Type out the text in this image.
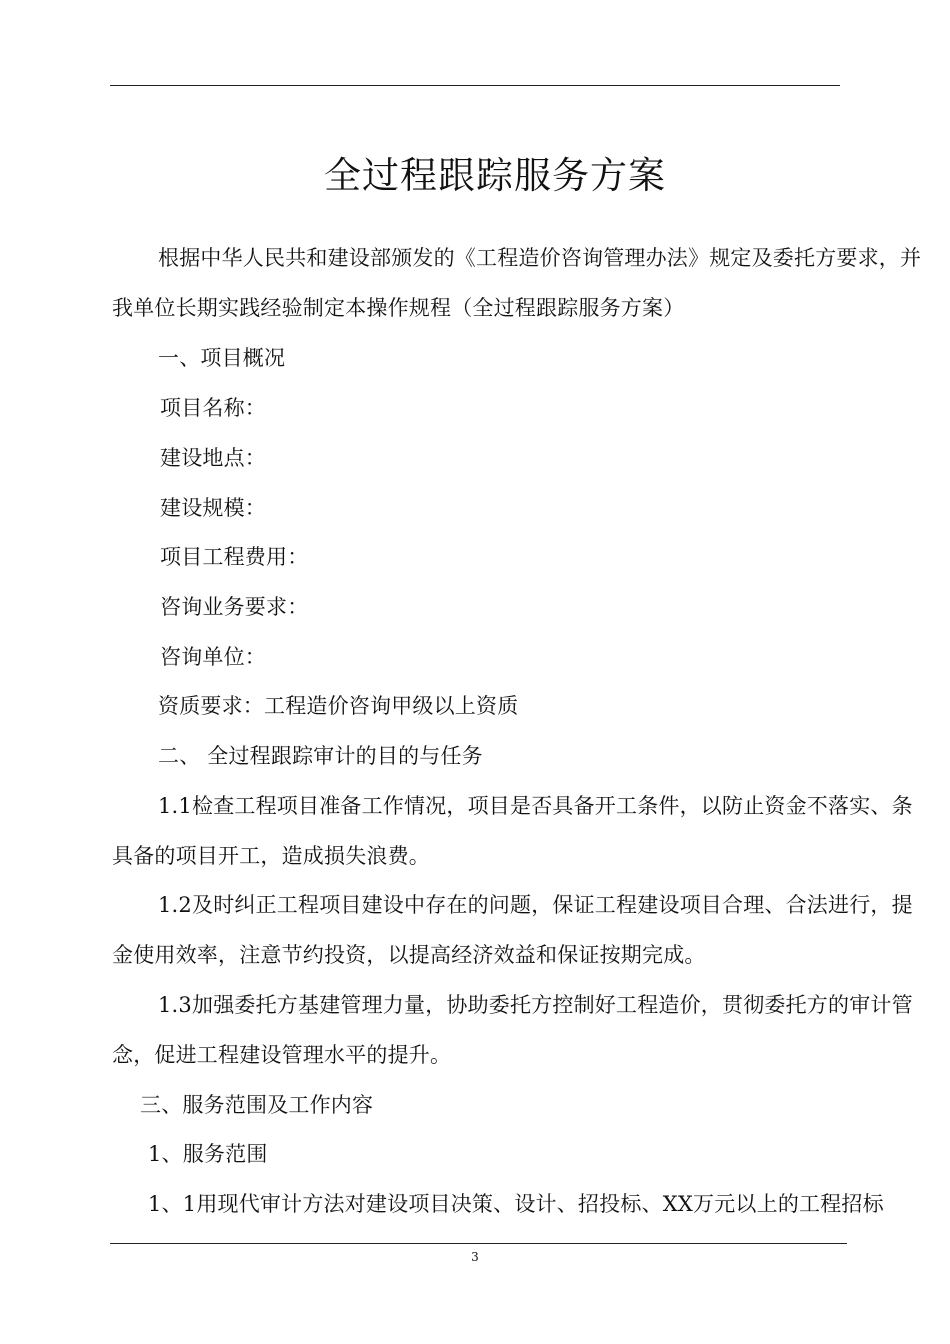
全过程跟踪服务方案
根据中华人民共和建设部颁发的《工程造价咨询管理办法》规定及委托方要求，并
我单位长期实践经验制定本操作规程（全过程跟踪服务方案）
一、项目概况
项目名称：
建设地点：
建设规模：
项目工程费用：
咨询业务要求：
咨询单位：
资质要求：工程造价咨询甲级以上资质
二、 全过程跟踪审计的目的与任务
1.1检查工程项目准备工作情况，项目是否具备开工条件，以防止资金不落实、条
具备的项目开工，造成损失浪费。
1.2及时纠正工程项目建设中存在的问题，保证工程建设项目合理、合法进行，提
金使用效率，注意节约投资，以提高经济效益和保证按期完成。
1.3加强委托方基建管理力量，协助委托方控制好工程造价，贯彻委托方的审计管
念，促进工程建设管理水平的提升。
三、服务范围及工作内容
1、服务范围
1、1用现代审计方法对建设项目决策、设计、招投标、XX万元以上的工程招标
3
